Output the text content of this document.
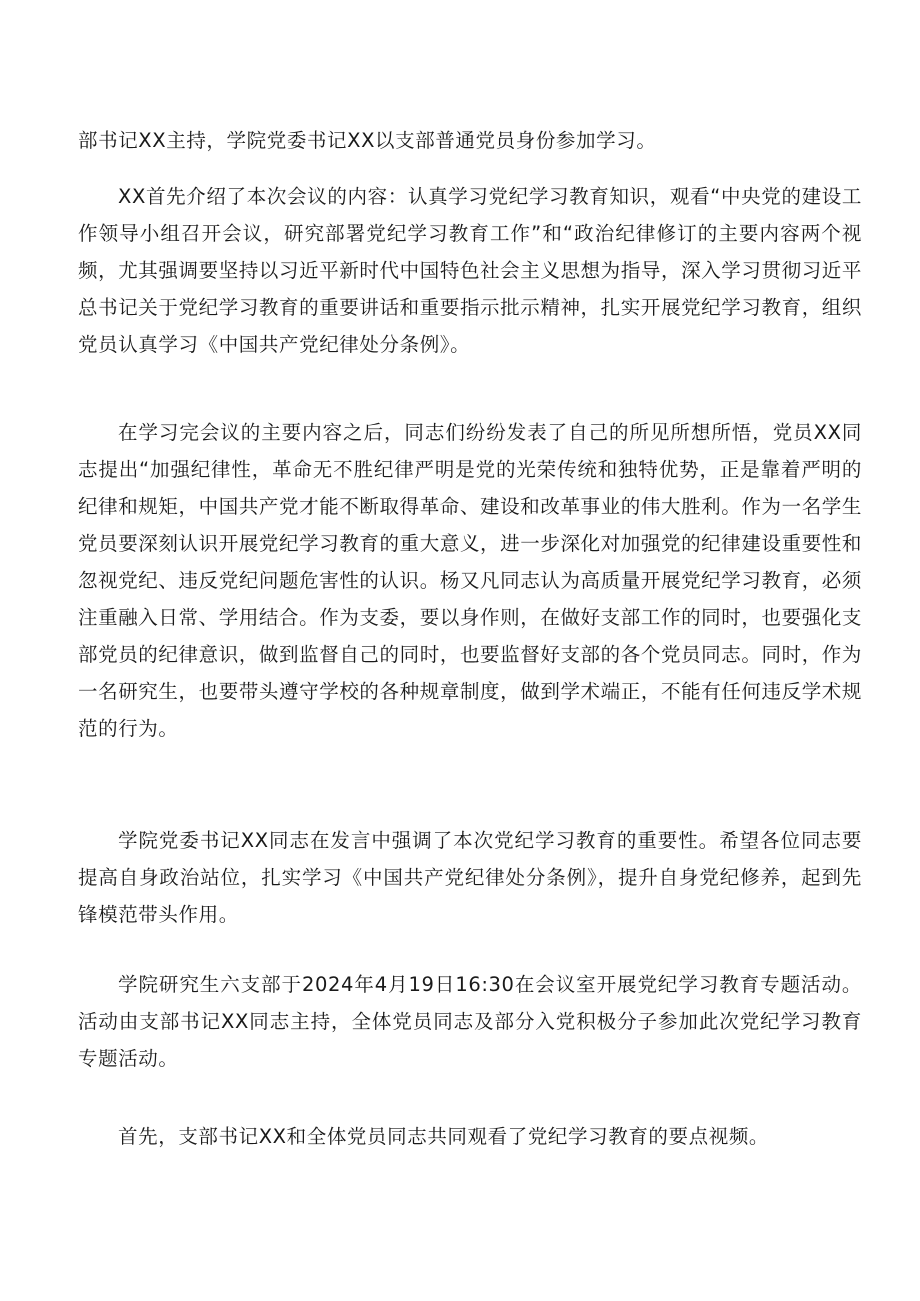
部书记XX主持，学院党委书记XX以支部普通党员身份参加学习。

XX首先介绍了本次会议的内容：认真学习党纪学习教育知识，观看“中央党的建设工作领导小组召开会议，研究部署党纪学习教育工作”和“政治纪律修订的主要内容两个视频，尤其强调要坚持以习近平新时代中国特色社会主义思想为指导，深入学习贯彻习近平总书记关于党纪学习教育的重要讲话和重要指示批示精神，扎实开展党纪学习教育，组织党员认真学习《中国共产党纪律处分条例》。

在学习完会议的主要内容之后，同志们纷纷发表了自己的所见所想所悟，党员XX同志提出“加强纪律性，革命无不胜纪律严明是党的光荣传统和独特优势，正是靠着严明的纪律和规矩，中国共产党才能不断取得革命、建设和改革事业的伟大胜利。作为一名学生党员要深刻认识开展党纪学习教育的重大意义，进一步深化对加强党的纪律建设重要性和忽视党纪、违反党纪问题危害性的认识。杨又凡同志认为高质量开展党纪学习教育，必须注重融入日常、学用结合。作为支委，要以身作则，在做好支部工作的同时，也要强化支部党员的纪律意识，做到监督自己的同时，也要监督好支部的各个党员同志。同时，作为一名研究生，也要带头遵守学校的各种规章制度，做到学术端正，不能有任何违反学术规范的行为。

学院党委书记XX同志在发言中强调了本次党纪学习教育的重要性。希望各位同志要提高自身政治站位，扎实学习《中国共产党纪律处分条例》，提升自身党纪修养，起到先锋模范带头作用。

学院研究生六支部于2024年4月19日16:30在会议室开展党纪学习教育专题活动。活动由支部书记XX同志主持，全体党员同志及部分入党积极分子参加此次党纪学习教育专题活动。

首先，支部书记XX和全体党员同志共同观看了党纪学习教育的要点视频。
